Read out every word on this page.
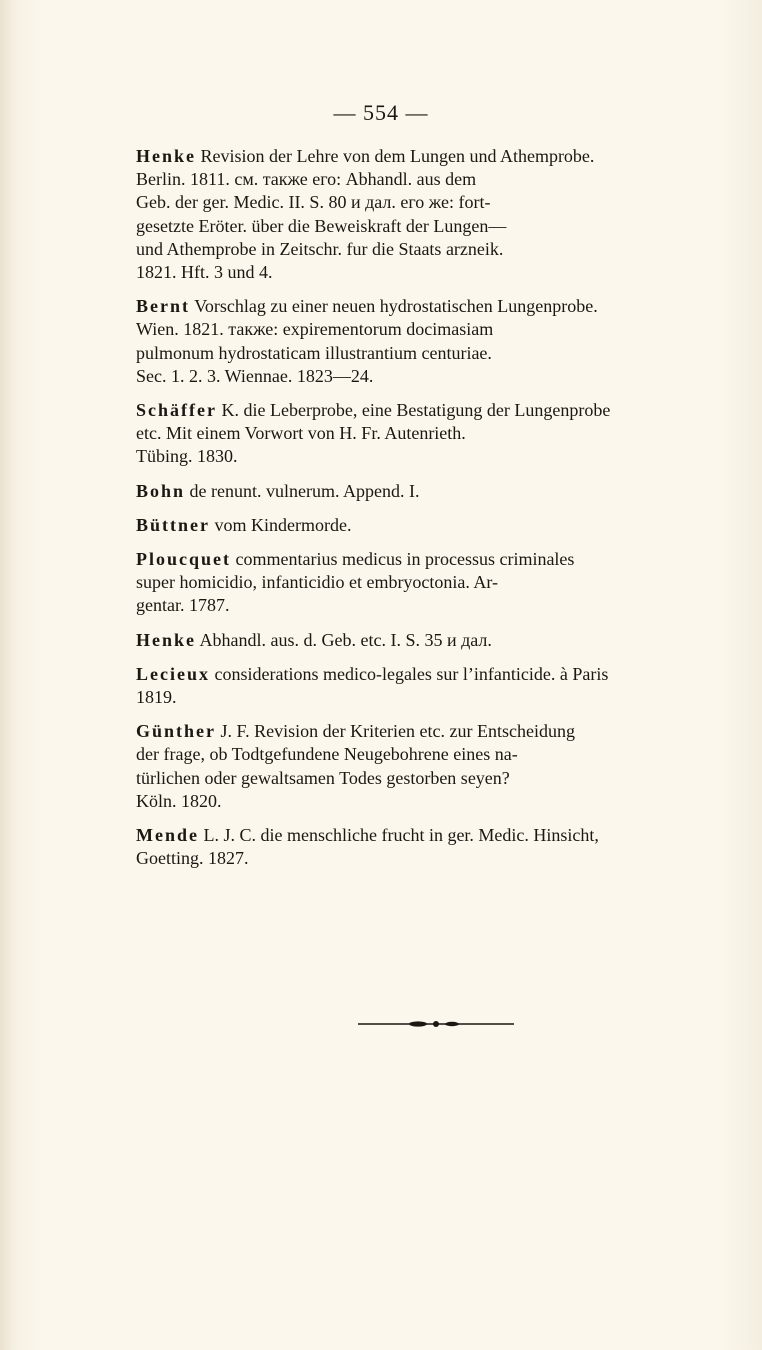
— 554 —
Henke Revision der Lehre von dem Lungen und Athemprobe.
Berlin. 1811. см. также его: Abhandl. aus dem
Geb. der ger. Medic. II. S. 80 и дал. его же: fort-
gesetzte Eröter. über die Beweiskraft der Lungen—
und Athemprobe in Zeitschr. fur die Staats arzneik.
1821. Hft. 3 und 4.
Bernt Vorschlag zu einer neuen hydrostatischen Lungenprobe.
Wien. 1821. также: expirementorum docimasiam
pulmonum hydrostaticam illustrantium centuriae.
Sec. 1. 2. 3. Wiennae. 1823—24.
Schäffer K. die Leberprobe, eine Bestatigung der Lungenprobe
etc. Mit einem Vorwort von H. Fr. Autenrieth.
Tübing. 1830.
Bohn de renunt. vulnerum. Append. I.
Büttner vom Kindermorde.
Ploucquet commentarius medicus in processus criminales
super homicidio, infanticidio et embryoctonia. Ar-
gentar. 1787.
Henke Abhandl. aus. d. Geb. etc. I. S. 35 и дал.
Lecieux considerations medico-legales sur l’infanticide. à Paris
1819.
Günther J. F. Revision der Kriterien etc. zur Entscheidung
der frage, ob Todtgefundene Neugebohrene eines na-
türlichen oder gewaltsamen Todes gestorben seyen?
Köln. 1820.
Mende L. J. C. die menschliche frucht in ger. Medic. Hinsicht,
Goetting. 1827.
